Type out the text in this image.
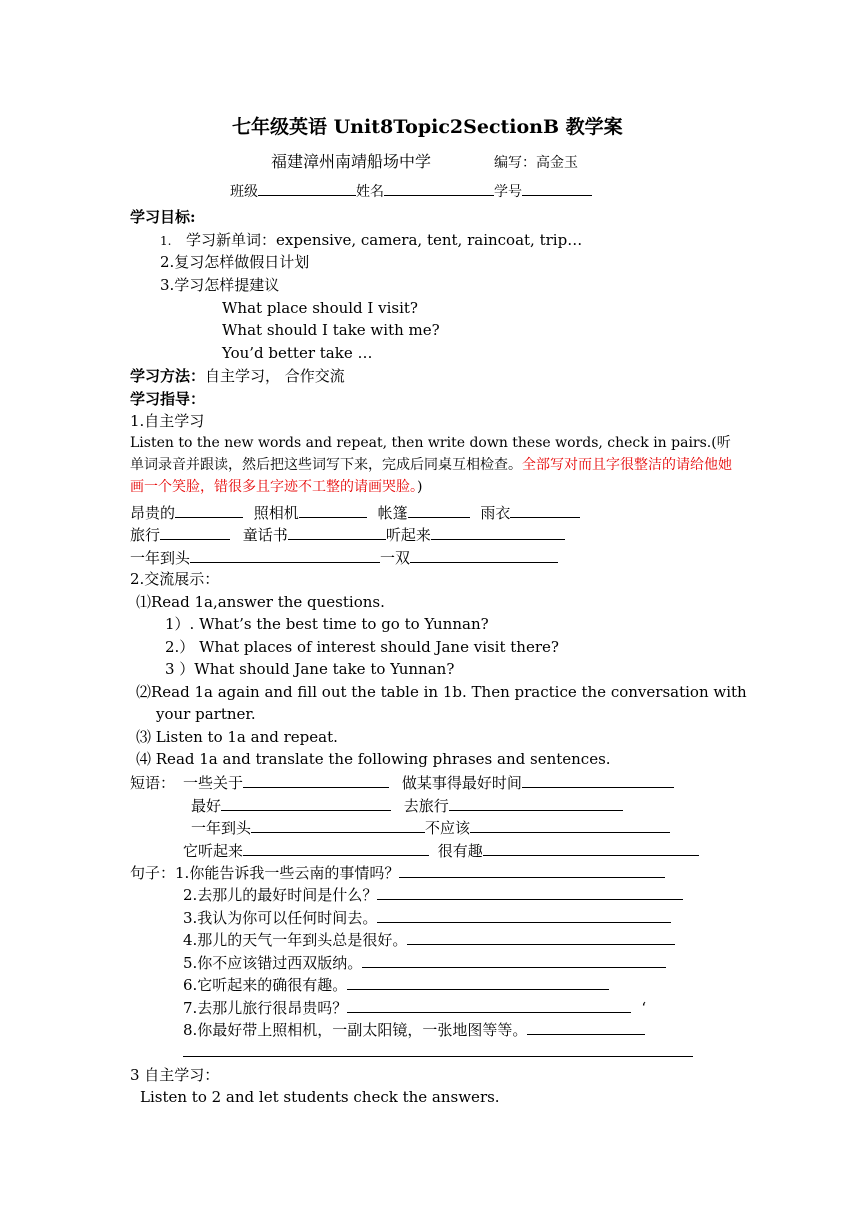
七年级英语 Unit8Topic2SectionB 教学案
福建漳州南靖船场中学	编写：高金玉
班级	姓名	学号
学习目标:
1. 学习新单词：expensive, camera, tent, raincoat, trip…
2.复习怎样做假日计划
3.学习怎样提建议
What place should I visit?
What should I take with me?
You’d better take …
学习方法：自主学习， 合作交流
学习指导：
1.自主学习
Listen to the new words and repeat, then write down these words, check in pairs.(听单词录音并跟读，然后把这些词写下来，完成后同桌互相检查。全部写对而且字很整洁的请给他她画一个笑脸，错很多且字迹不工整的请画哭脸。)
昂贵的	照相机	帐篷	雨衣
旅行	童话书	听起来
一年到头	一双
2.交流展示：
⑴Read 1a,answer the questions.
1）. What’s the best time to go to Yunnan?
2.） What places of interest should Jane visit there?
3 ）What should Jane take to Yunnan?
⑵Read 1a again and fill out the table in 1b. Then practice the conversation with
your partner.
⑶ Listen to 1a and repeat.
⑷ Read 1a and translate the following phrases and sentences.
短语： 一些关于	做某事得最好时间
最好	去旅行
一年到头	不应该
它听起来	很有趣
句子：1.你能告诉我一些云南的事情吗？
2.去那儿的最好时间是什么？
3.我认为你可以任何时间去。
4.那儿的天气一年到头总是很好。
5.你不应该错过西双版纳。
6.它听起来的确很有趣。
7.去那儿旅行很昂贵吗？	‘
8.你最好带上照相机，一副太阳镜，一张地图等等。
3 自主学习：
Listen to 2 and let students check the answers.
